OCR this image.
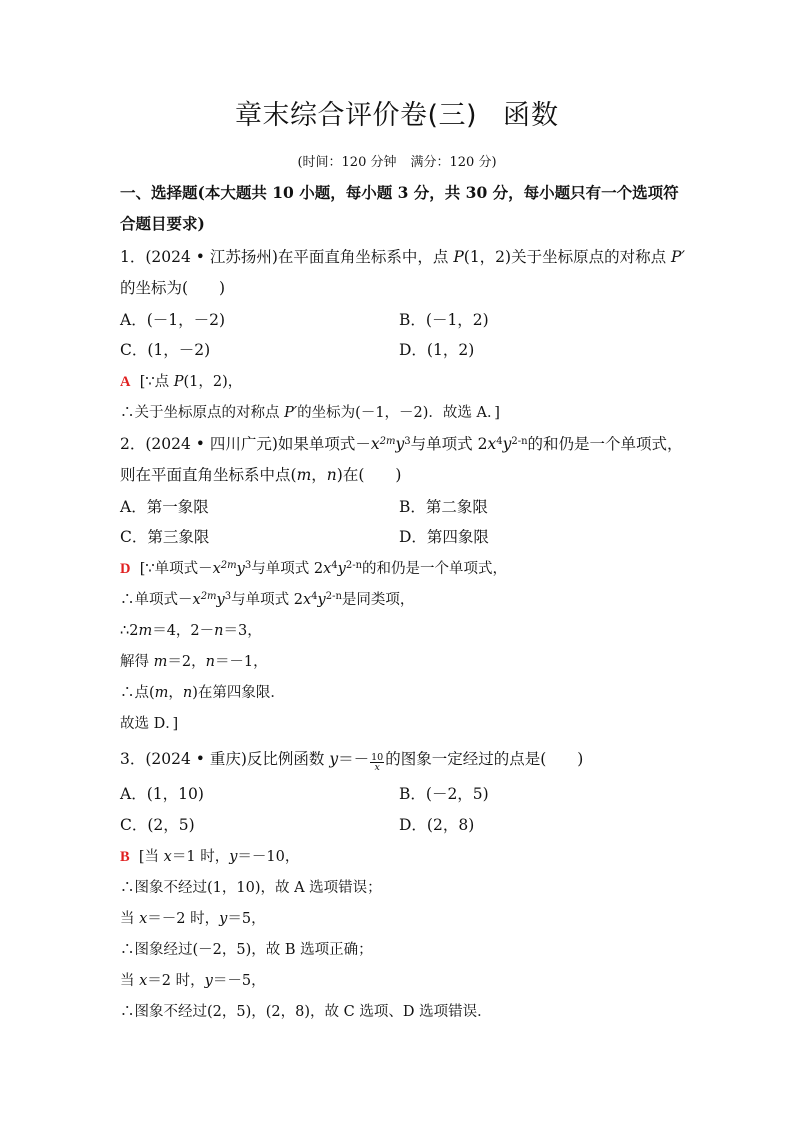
章末综合评价卷(三) 函数
(时间：120 分钟 满分：120 分)
一、选择题(本大题共 10 小题，每小题 3 分，共 30 分，每小题只有一个选项符
合题目要求)
1．(2024 • 江苏扬州)在平面直角坐标系中，点 P(1，2)关于坐标原点的对称点 P′
的坐标为(　　)
A．(－1，－2)	B．(－1，2)
C．(1，－2)	D．(1，2)
A [∵点 P(1，2)，
∴关于坐标原点的对称点 P′的坐标为(－1，－2)．故选 A．]
2．(2024 • 四川广元)如果单项式$-x^{2m}y^3$与单项式 $2x^4y^{2-n}$的和仍是一个单项式，
则在平面直角坐标系中点(m，n)在(　　)
A．第一象限	B．第二象限
C．第三象限	D．第四象限
D [∵单项式$-x^{2m}y^3$与单项式 $2x^4y^{2-n}$的和仍是一个单项式，
∴单项式$-x^{2m}y^3$与单项式 $2x^4y^{2-n}$是同类项，
∴2m＝4，2－n＝3，
解得 m＝2，n＝－1，
∴点(m，n)在第四象限．
故选 D．]
3．(2024 • 重庆)反比例函数 $y=- \frac{10}{x}$ 的图象一定经过的点是(　　)
A．(1，10)	B．(－2，5)
C．(2，5)	D．(2，8)
B [当 x＝1 时，y＝－10，
∴图象不经过(1，10)，故 A 选项错误；
当 x＝－2 时，y＝5，
∴图象经过(－2，5)，故 B 选项正确；
当 x＝2 时，y＝－5，
∴图象不经过(2，5)，(2，8)，故 C 选项、D 选项错误．
